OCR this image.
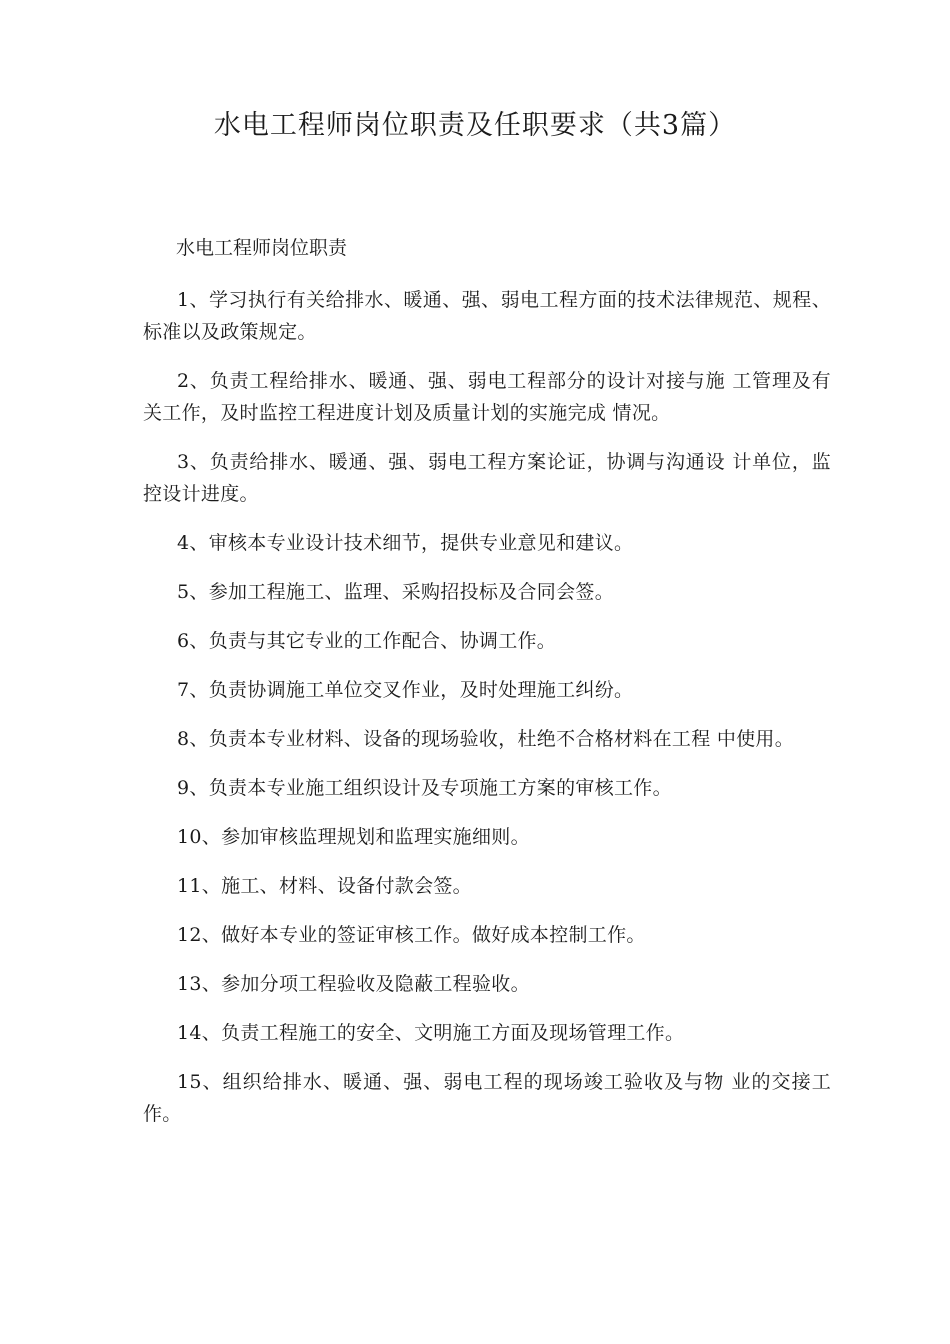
水电工程师岗位职责及任职要求（共3篇）

水电工程师岗位职责

1、学习执行有关给排水、暖通、强、弱电工程方面的技术法律规范、规程、标准以及政策规定。
2、负责工程给排水、暖通、强、弱电工程部分的设计对接与施 工管理及有关工作，及时监控工程进度计划及质量计划的实施完成 情况。
3、负责给排水、暖通、强、弱电工程方案论证，协调与沟通设 计单位，监控设计进度。
4、审核本专业设计技术细节，提供专业意见和建议。
5、参加工程施工、监理、采购招投标及合同会签。
6、负责与其它专业的工作配合、协调工作。
7、负责协调施工单位交叉作业，及时处理施工纠纷。
8、负责本专业材料、设备的现场验收，杜绝不合格材料在工程 中使用。
9、负责本专业施工组织设计及专项施工方案的审核工作。
10、参加审核监理规划和监理实施细则。
11、施工、材料、设备付款会签。
12、做好本专业的签证审核工作。做好成本控制工作。
13、参加分项工程验收及隐蔽工程验收。
14、负责工程施工的安全、文明施工方面及现场管理工作。
15、组织给排水、暖通、强、弱电工程的现场竣工验收及与物 业的交接工作。
